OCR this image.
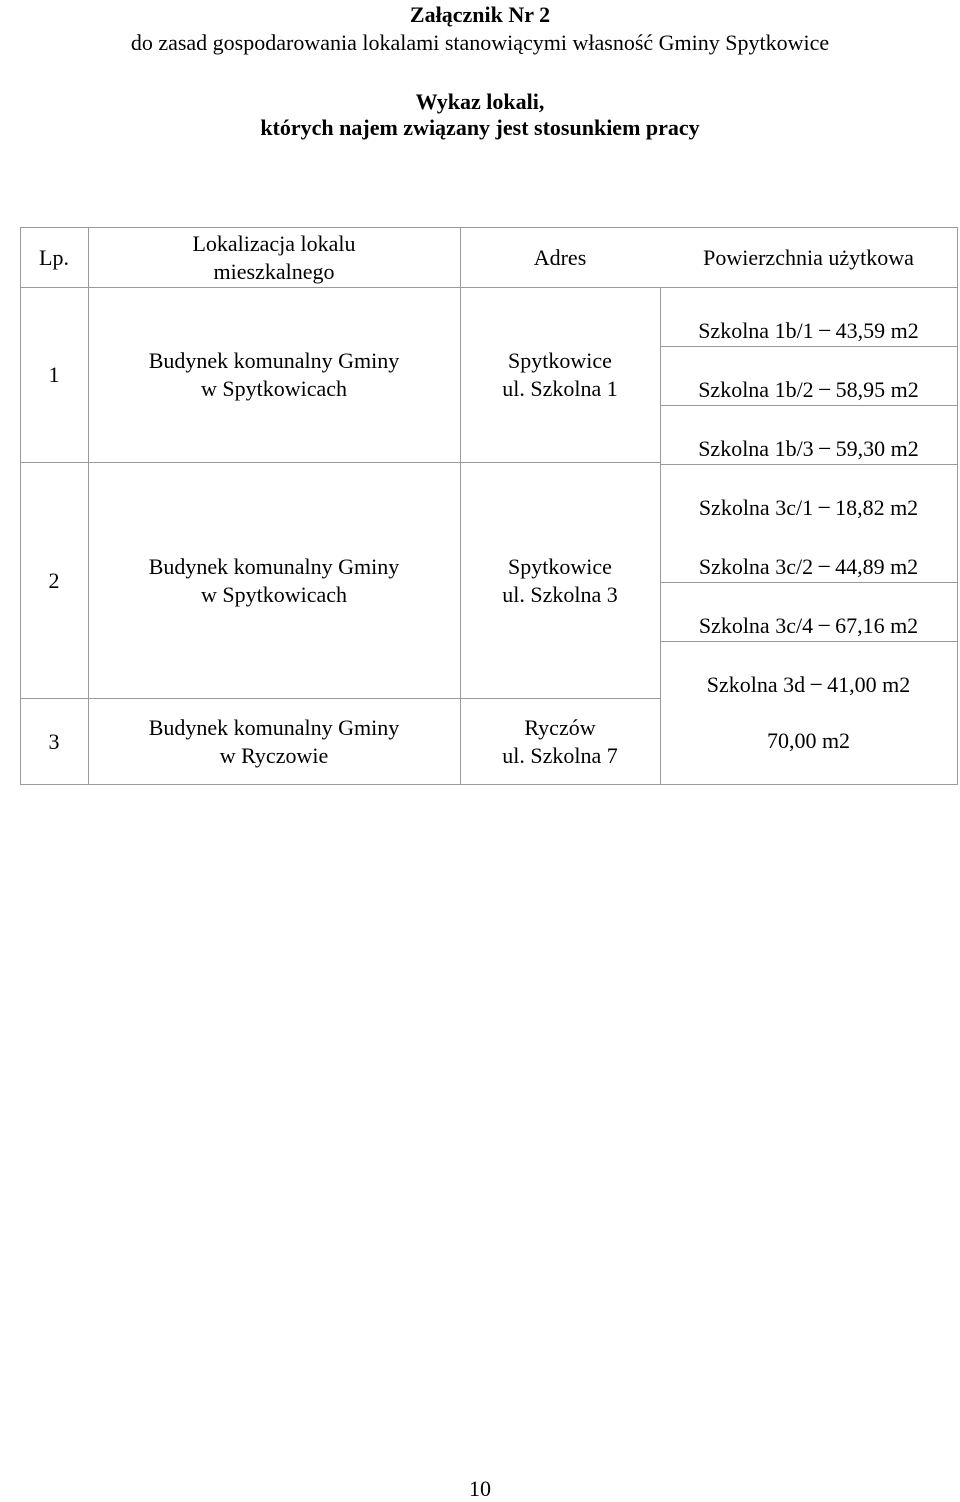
Załącznik Nr 2
do zasad gospodarowania lokalami stanowiącymi własność Gminy Spytkowice
Wykaz lokali,
których najem związany jest stosunkiem pracy
Lp.
Lokalizacja lokalu
mieszkalnego
Adres	Powierzchnia użytkowa
1
Budynek komunalny Gminy
w Spytkowicach
Spytkowice
ul. Szkolna 1
Szkolna 1b/1  ̶  43,59 m2
Szkolna 1b/2  ̶  58,95 m2
Szkolna 1b/3  ̶  59,30 m2
2
Budynek komunalny Gminy
w Spytkowicach
Spytkowice
ul. Szkolna 3
Szkolna 3c/1  ̶  18,82 m2
Szkolna 3c/2  ̶  44,89 m2
Szkolna 3c/4  ̶  67,16 m2
Szkolna 3d  ̶  41,00 m2
3
Budynek komunalny Gminy
w Ryczowie
Ryczów
ul. Szkolna 7
70,00 m2
10
